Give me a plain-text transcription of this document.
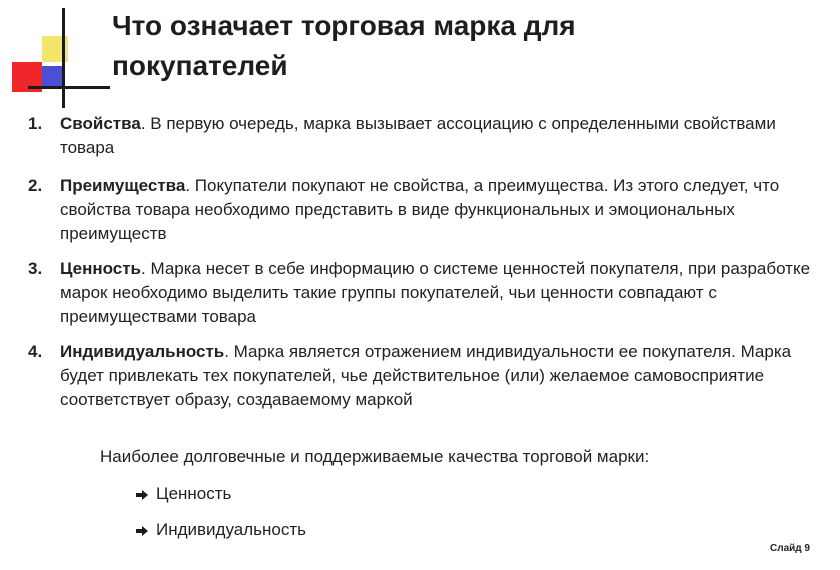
Что означает торговая марка для
покупателей
1. Свойства. В первую очередь, марка вызывает ассоциацию с определенными свойствами товара
2. Преимущества. Покупатели покупают не свойства, а преимущества. Из этого следует, что свойства товара необходимо представить в виде функциональных и эмоциональных преимуществ
3. Ценность. Марка несет в себе информацию о системе ценностей покупателя, при разработке марок необходимо выделить такие группы покупателей, чьи ценности совпадают с преимуществами товара
4. Индивидуальность. Марка является отражением индивидуальности ее покупателя. Марка будет привлекать тех покупателей, чье действительное (или) желаемое самовосприятие соответствует образу, создаваемому маркой
Наиболее долговечные и поддерживаемые качества торговой марки:
Ценность
Индивидуальность
Слайд 9
